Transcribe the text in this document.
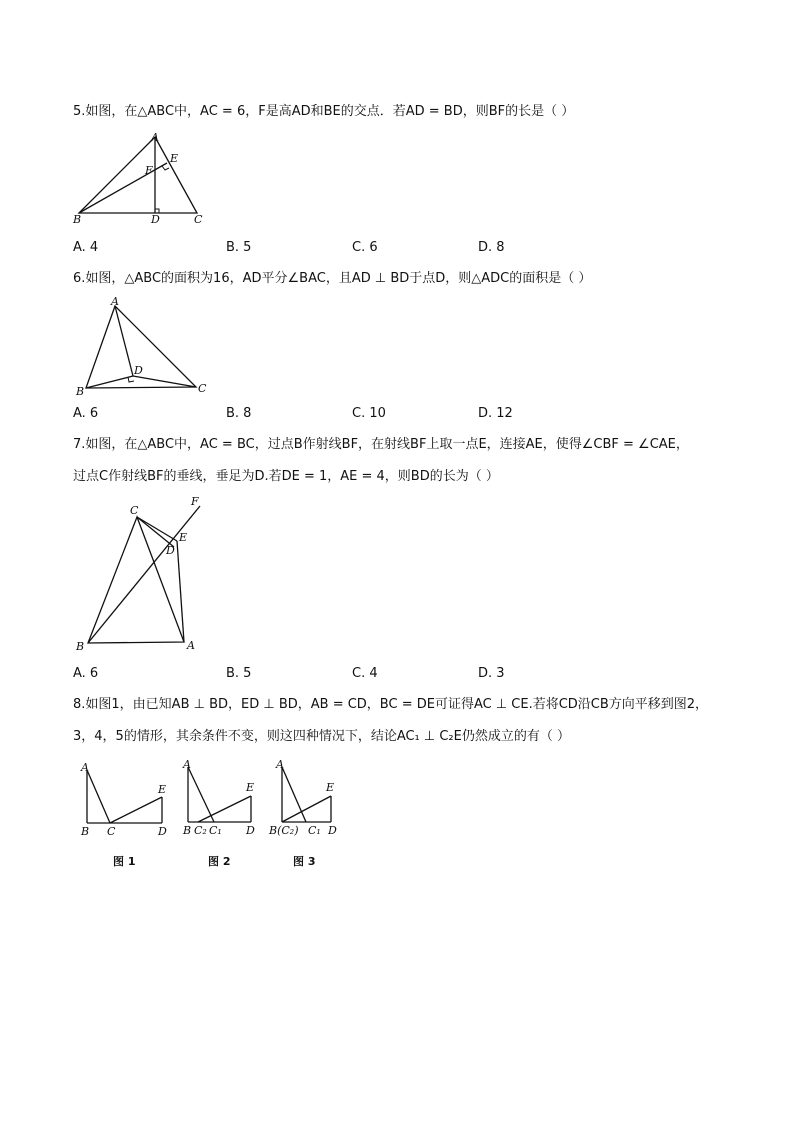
5.如图，在△ABC中，AC = 6，F是高AD和BE的交点．若AD = BD，则BF的长是（ ）
A
B	C
D
E
F
A. 4	B. 5	C. 6	D. 8
6.如图，△ABC的面积为16，AD平分∠BAC，且AD ⊥ BD于点D，则△ADC的面积是（ ）
A
B	C
D
A. 6	B. 8	C. 10	D. 12
7.如图，在△ABC中，AC = BC，过点B作射线BF，在射线BF上取一点E，连接AE，使得∠CBF = ∠CAE，
过点C作射线BF的垂线，垂足为D.若DE = 1，AE = 4，则BD的长为（ ）
C
B	A
D
E
F
A. 6	B. 5	C. 4	D. 3
8.如图1，由已知AB ⊥ BD，ED ⊥ BD，AB = CD，BC = DE可证得AC ⊥ CE.若将CD沿CB方向平移到图2，
3，4，5的情形，其余条件不变，则这四种情况下，结论AC₁ ⊥ C₂E仍然成立的有（ ）
A
B C	D
E
图 1
A
B C₂ C₁ D
E
图 2
A
B(C₂) C₁ D
E
图 3
